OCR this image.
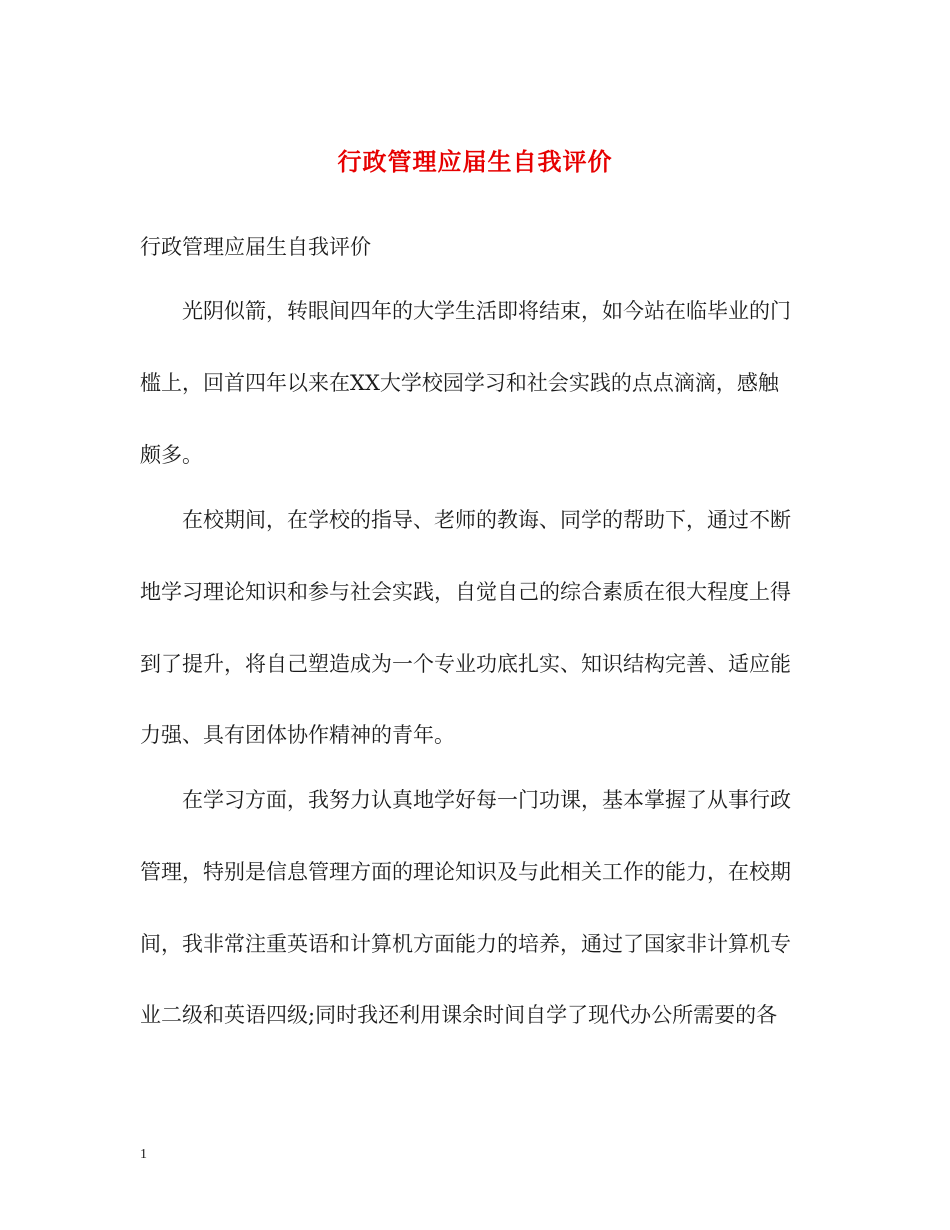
行政管理应届生自我评价
行政管理应届生自我评价
光阴似箭，转眼间四年的大学生活即将结束，如今站在临毕业的门
槛上，回首四年以来在XX大学校园学习和社会实践的点点滴滴，感触
颇多。
在校期间，在学校的指导、老师的教诲、同学的帮助下，通过不断
地学习理论知识和参与社会实践，自觉自己的综合素质在很大程度上得
到了提升，将自己塑造成为一个专业功底扎实、知识结构完善、适应能
力强、具有团体协作精神的青年。
在学习方面，我努力认真地学好每一门功课，基本掌握了从事行政
管理，特别是信息管理方面的理论知识及与此相关工作的能力，在校期
间，我非常注重英语和计算机方面能力的培养，通过了国家非计算机专
业二级和英语四级;同时我还利用课余时间自学了现代办公所需要的各
1
